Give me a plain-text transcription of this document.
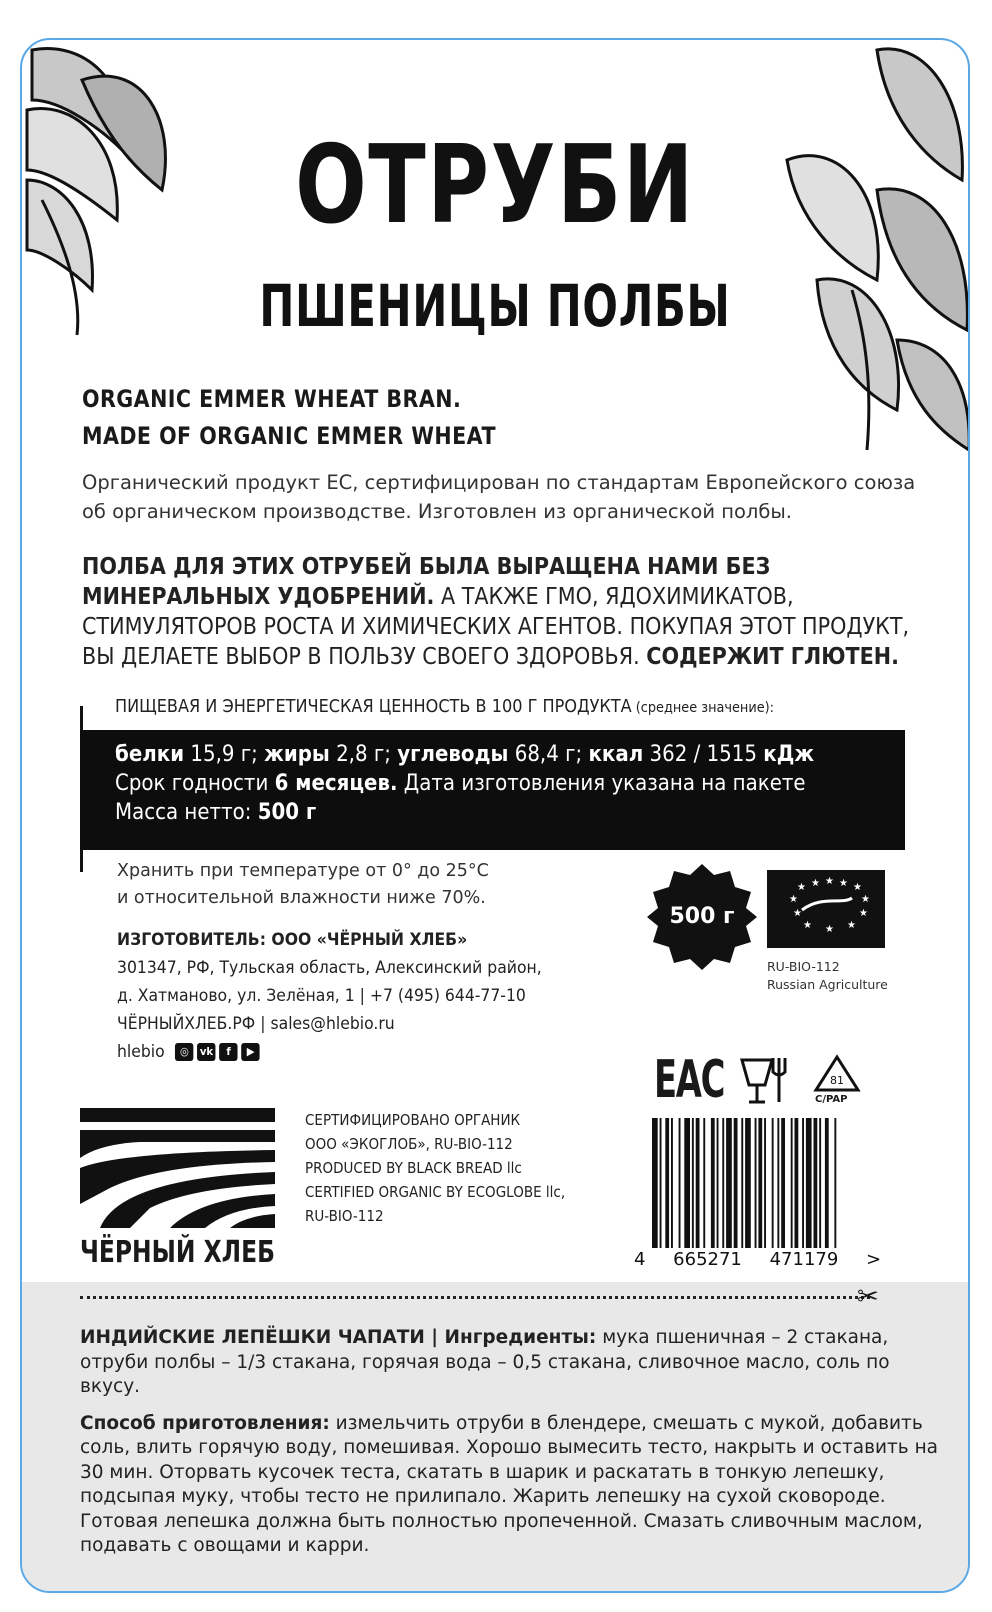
ОТРУБИ
ПШЕНИЦЫ ПОЛБЫ
ORGANIC EMMER WHEAT BRAN.
MADE OF ORGANIC EMMER WHEAT
Органический продукт ЕС, сертифицирован по стандартам Европейского союза об органическом производстве. Изготовлен из органической полбы.
ПОЛБА ДЛЯ ЭТИХ ОТРУБЕЙ БЫЛА ВЫРАЩЕНА НАМИ БЕЗ МИНЕРАЛЬНЫХ УДОБРЕНИЙ. А ТАКЖЕ ГМО, ЯДОХИМИКАТОВ, СТИМУЛЯТОРОВ РОСТА И ХИМИЧЕСКИХ АГЕНТОВ. ПОКУПАЯ ЭТОТ ПРОДУКТ, ВЫ ДЕЛАЕТЕ ВЫБОР В ПОЛЬЗУ СВОЕГО ЗДОРОВЬЯ. СОДЕРЖИТ ГЛЮТЕН.
ПИЩЕВАЯ И ЭНЕРГЕТИЧЕСКАЯ ЦЕННОСТЬ В 100 Г ПРОДУКТА (среднее значение):
белки 15,9 г; жиры 2,8 г; углеводы 68,4 г; ккал 362 / 1515 кДж
Срок годности 6 месяцев. Дата изготовления указана на пакете
Масса нетто: 500 г
Хранить при температуре от 0° до 25°C
и относительной влажности ниже 70%.
ИЗГОТОВИТЕЛЬ: ООО «ЧЁРНЫЙ ХЛЕБ»
301347, РФ, Тульская область, Алексинский район,
д. Хатманово, ул. Зелёная, 1 | +7 (495) 644-77-10
ЧЁРНЫЙХЛЕБ.РФ | sales@hlebio.ru
hlebio	◎ vk	f	▶
500 г
★ ★ ★ ★ ★
★	★
★	★
★ ★ ★
RU-BIO-112
Russian Agriculture
ЕАС	81
C/PAP
ЧЁРНЫЙ ХЛЕБ
СЕРТИФИЦИРОВАНО ОРГАНИК
ООО «ЭКОГЛОБ», RU-BIO-112
PRODUCED BY BLACK BREAD llc
CERTIFIED ORGANIC BY ECOGLOBE llc,
RU-BIO-112
4 665271 471179 >
✂

ИНДИЙСКИЕ ЛЕПЁШКИ ЧАПАТИ | Ингредиенты: мука пшеничная – 2 стакана, отруби полбы – 1/3 стакана, горячая вода – 0,5 стакана, сливочное масло, соль по вкусу.

Способ приготовления: измельчить отруби в блендере, смешать с мукой, добавить соль, влить горячую воду, помешивая. Хорошо вымесить тесто, накрыть и оставить на 30 мин. Оторвать кусочек теста, скатать в шарик и раскатать в тонкую лепешку, подсыпая муку, чтобы тесто не прилипало. Жарить лепешку на сухой сковороде. Готовая лепешка должна быть полностью пропеченной. Смазать сливочным маслом, подавать с овощами и карри.
